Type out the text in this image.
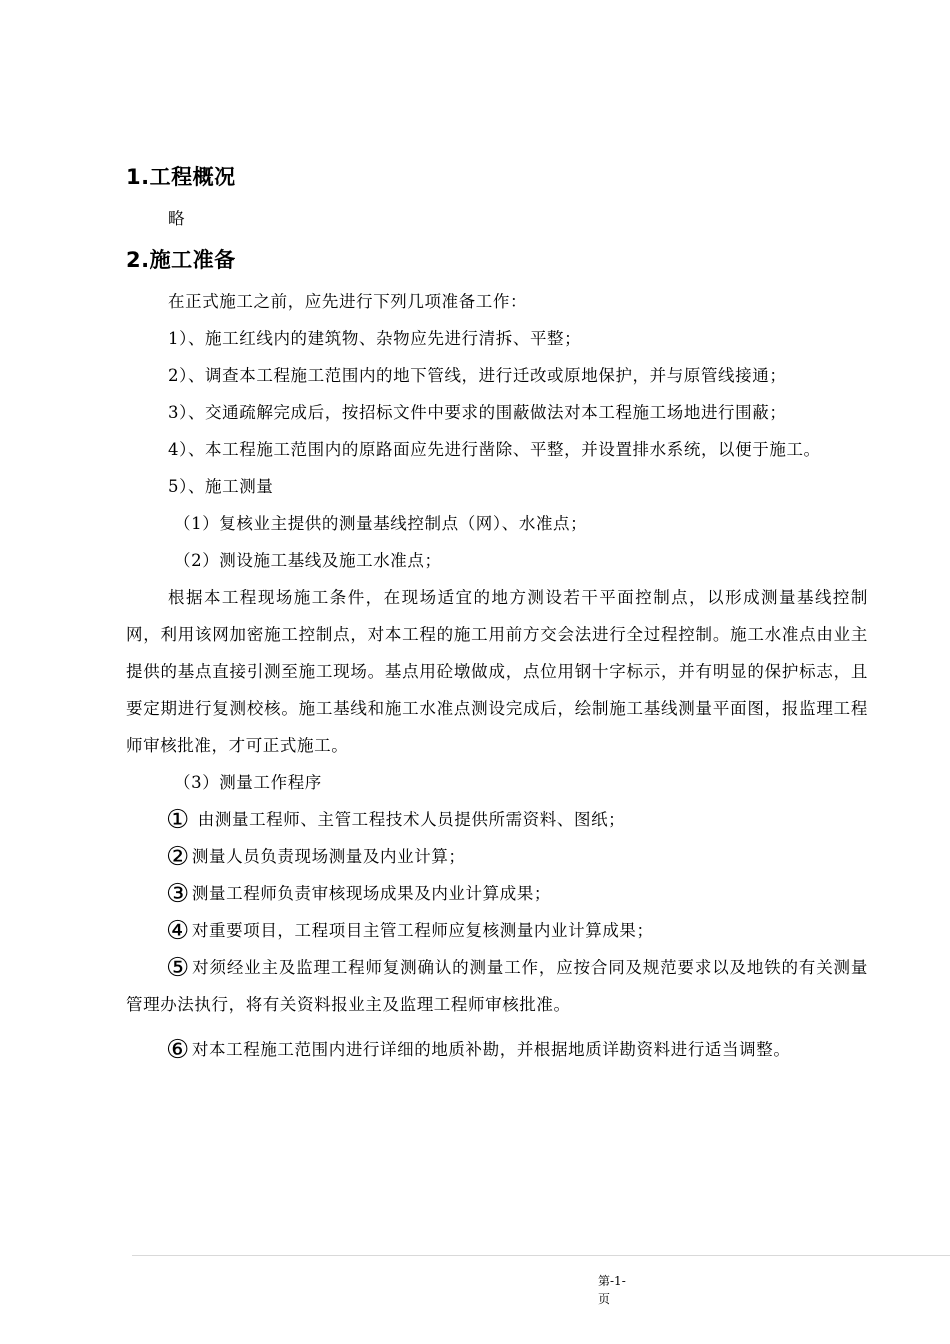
1.工程概况

略

2.施工准备

在正式施工之前，应先进行下列几项准备工作：

1）、施工红线内的建筑物、杂物应先进行清拆、平整；

2）、调查本工程施工范围内的地下管线，进行迁改或原地保护，并与原管线接通；

3）、交通疏解完成后，按招标文件中要求的围蔽做法对本工程施工场地进行围蔽；

4）、本工程施工范围内的原路面应先进行凿除、平整，并设置排水系统，以便于施工。

5）、施工测量

（1）复核业主提供的测量基线控制点（网）、水准点；

（2）测设施工基线及施工水准点；

根据本工程现场施工条件，在现场适宜的地方测设若干平面控制点，以形成测量基线控制网，利用该网加密施工控制点，对本工程的施工用前方交会法进行全过程控制。施工水准点由业主提供的基点直接引测至施工现场。基点用砼墩做成，点位用钢十字标示，并有明显的保护标志，且要定期进行复测校核。施工基线和施工水准点测设完成后，绘制施工基线测量平面图，报监理工程师审核批准，才可正式施工。

（3）测量工作程序

① 由测量工程师、主管工程技术人员提供所需资料、图纸；

② 测量人员负责现场测量及内业计算；

③ 测量工程师负责审核现场成果及内业计算成果；

④ 对重要项目，工程项目主管工程师应复核测量内业计算成果；

⑤ 对须经业主及监理工程师复测确认的测量工作，应按合同及规范要求以及地铁的有关测量管理办法执行，将有关资料报业主及监理工程师审核批准。

⑥ 对本工程施工范围内进行详细的地质补勘，并根据地质详勘资料进行适当调整。

第-1-
页
